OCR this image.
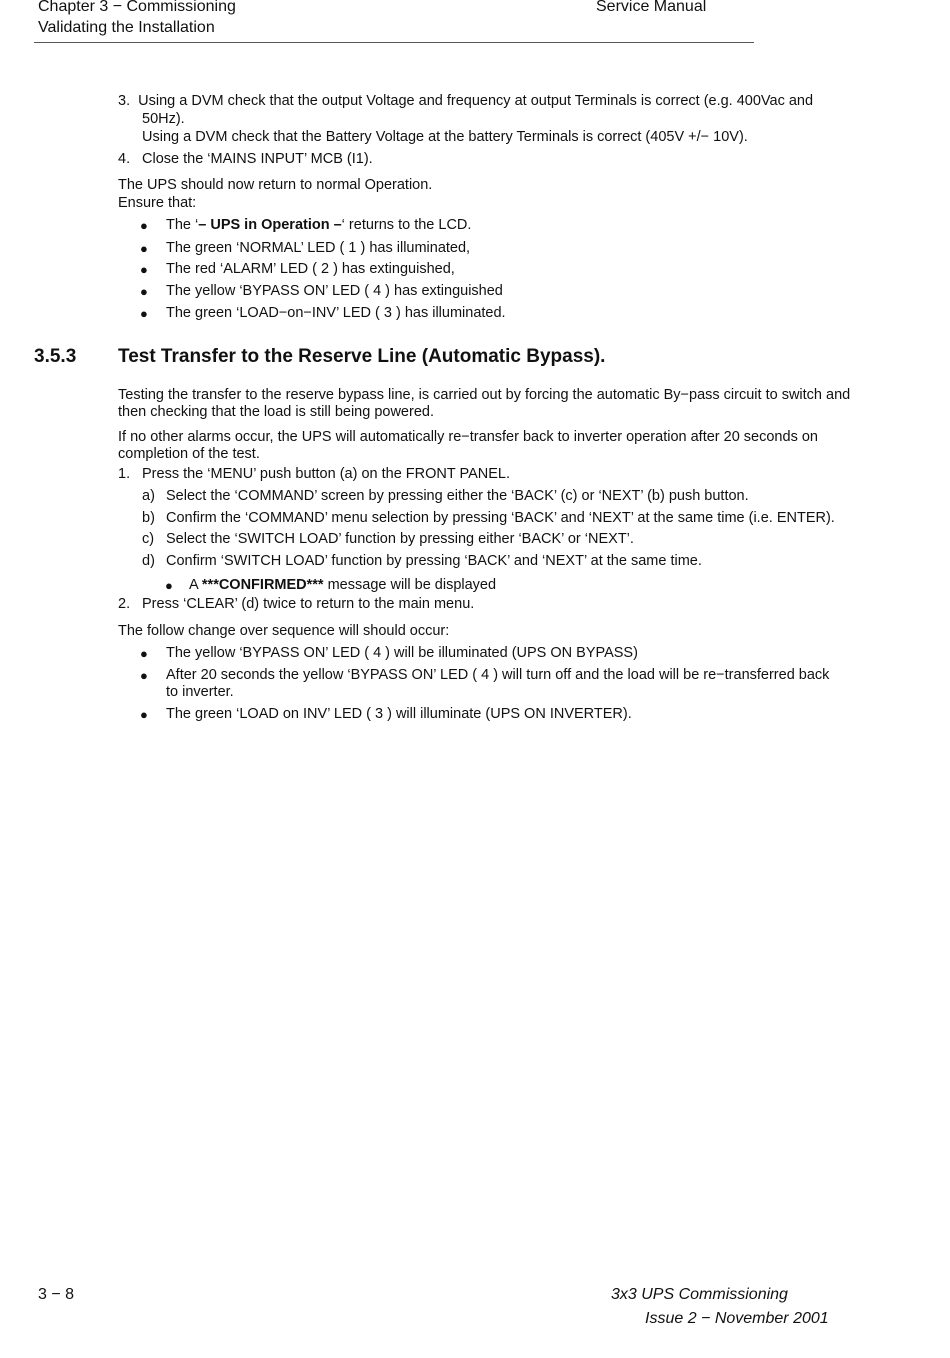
Chapter 3 − Commissioning
Validating the Installation
Service Manual
3.  Using a DVM check that the output Voltage and frequency at output Terminals is correct (e.g. 400Vac and
50Hz).
Using a DVM check that the Battery Voltage at the battery Terminals is correct (405V +/− 10V).
4. Close the ‘MAINS INPUT’ MCB (I1).
The UPS should now return to normal Operation.
Ensure that:
●	The ‘– UPS in Operation –‘ returns to the LCD.
●	The green ‘NORMAL’ LED ( 1 ) has illuminated,
●	The red ‘ALARM’ LED ( 2 ) has extinguished,
●	The yellow ‘BYPASS ON’ LED ( 4 ) has extinguished
●	The green ‘LOAD−on−INV’ LED ( 3 ) has illuminated.
3.5.3 Test Transfer to the Reserve Line (Automatic Bypass).
Testing the transfer to the reserve bypass line, is carried out by forcing the automatic By−pass circuit to switch and then checking that the load is still being powered.
If no other alarms occur, the UPS will automatically re−transfer back to inverter operation after 20 seconds on completion of the test.
1. Press the ‘MENU’ push button (a) on the FRONT PANEL.
a) Select the ‘COMMAND’ screen by pressing either the ‘BACK’ (c) or ‘NEXT’ (b) push button.
b) Confirm the ‘COMMAND’ menu selection by pressing ‘BACK’ and ‘NEXT’ at the same time (i.e. ENTER).
c) Select the ‘SWITCH LOAD’ function by pressing either ‘BACK’ or ‘NEXT’.
d) Confirm ‘SWITCH LOAD’ function by pressing ‘BACK’ and ‘NEXT’ at the same time.
●	A ***CONFIRMED*** message will be displayed
2. Press ‘CLEAR’ (d) twice to return to the main menu.
The follow change over sequence will should occur:
●	The yellow ‘BYPASS ON’ LED ( 4 ) will be illuminated (UPS ON BYPASS)
●	After 20 seconds the yellow ‘BYPASS ON’ LED ( 4 ) will turn off and the load will be re−transferred back to inverter.
●	The green ‘LOAD on INV’ LED ( 3 ) will illuminate (UPS ON INVERTER).
3 − 8	3x3 UPS Commissioning
Issue 2 − November 2001
